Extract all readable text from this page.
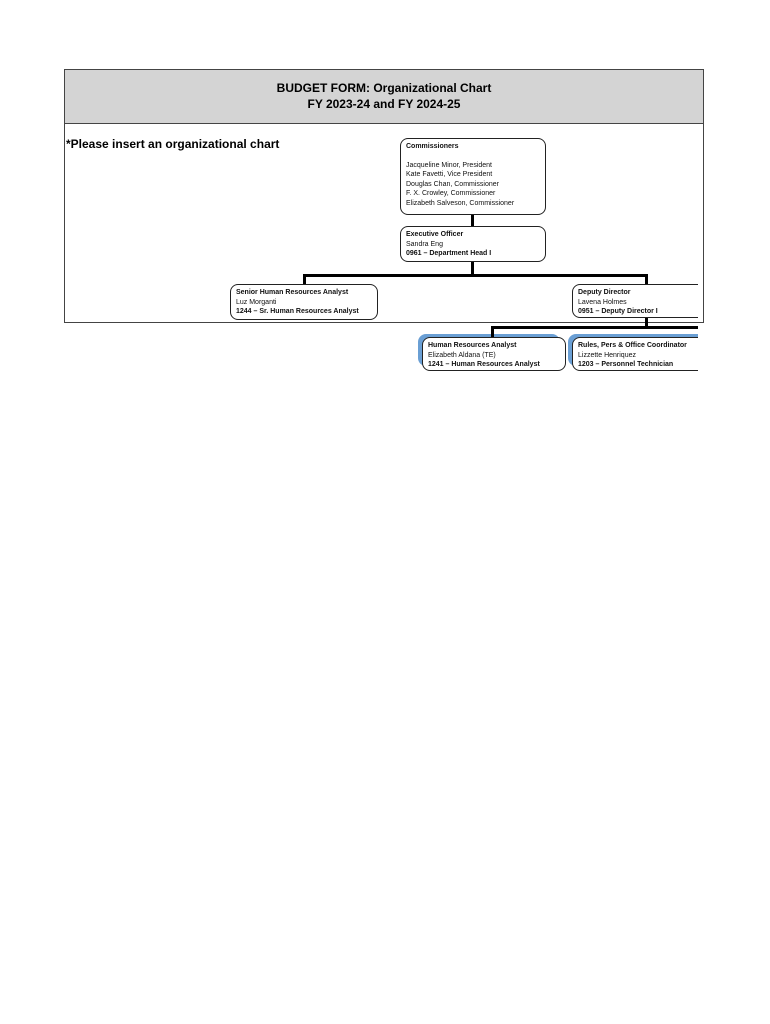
BUDGET FORM: Organizational Chart
FY 2023-24 and FY 2024-25
*Please insert an organizational chart	Commissioners
Jacqueline Minor, President
Kate Favetti, Vice President
Douglas Chan, Commissioner
F. X. Crowley, Commissioner
Elizabeth Salveson, Commissioner
Executive Officer
Sandra Eng
0961 – Department Head I
Senior Human Resources Analyst
Luz Morganti
1244 – Sr. Human Resources Analyst
Deputy Director
Lavena Holmes
0951 – Deputy Director I
Human Resources Analyst
Elizabeth Aldana (TE)
1241 – Human Resources Analyst
Rules, Pers & Office Coordinator
Lizzette Henriquez
1203 – Personnel Technician
